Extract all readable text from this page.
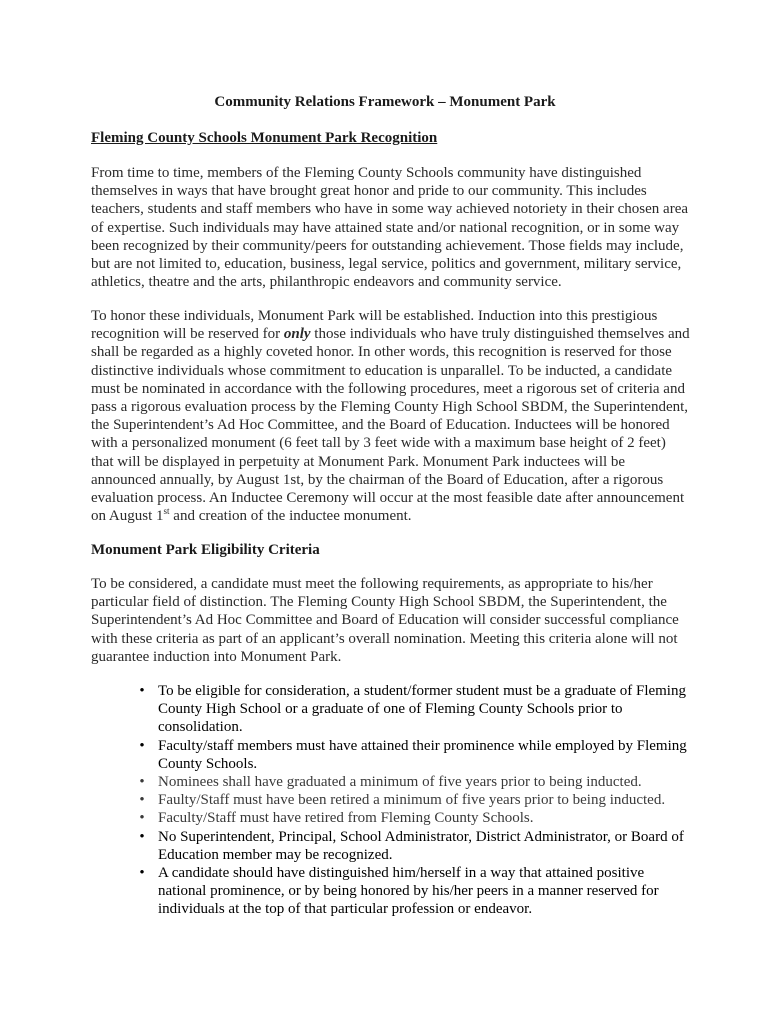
Community Relations Framework – Monument Park
Fleming County Schools Monument Park Recognition

From time to time, members of the Fleming County Schools community have distinguished themselves in ways that have brought great honor and pride to our community. This includes teachers, students and staff members who have in some way achieved notoriety in their chosen area of expertise. Such individuals may have attained state and/or national recognition, or in some way been recognized by their community/peers for outstanding achievement. Those fields may include, but are not limited to, education, business, legal service, politics and government, military service, athletics, theatre and the arts, philanthropic endeavors and community service.

To honor these individuals, Monument Park will be established. Induction into this prestigious recognition will be reserved for only those individuals who have truly distinguished themselves and shall be regarded as a highly coveted honor. In other words, this recognition is reserved for those distinctive individuals whose commitment to education is unparallel. To be inducted, a candidate must be nominated in accordance with the following procedures, meet a rigorous set of criteria and pass a rigorous evaluation process by the Fleming County High School SBDM, the Superintendent, the Superintendent’s Ad Hoc Committee, and the Board of Education. Inductees will be honored with a personalized monument (6 feet tall by 3 feet wide with a maximum base height of 2 feet) that will be displayed in perpetuity at Monument Park. Monument Park inductees will be announced annually, by August 1st, by the chairman of the Board of Education, after a rigorous evaluation process. An Inductee Ceremony will occur at the most feasible date after announcement on August 1st and creation of the inductee monument.

Monument Park Eligibility Criteria

To be considered, a candidate must meet the following requirements, as appropriate to his/her particular field of distinction. The Fleming County High School SBDM, the Superintendent, the Superintendent’s Ad Hoc Committee and Board of Education will consider successful compliance with these criteria as part of an applicant’s overall nomination. Meeting this criteria alone will not guarantee induction into Monument Park.

• To be eligible for consideration, a student/former student must be a graduate of Fleming County High School or a graduate of one of Fleming County Schools prior to consolidation.
• Faculty/staff members must have attained their prominence while employed by Fleming County Schools.
• Nominees shall have graduated a minimum of five years prior to being inducted.
• Faulty/Staff must have been retired a minimum of five years prior to being inducted.
• Faculty/Staff must have retired from Fleming County Schools.
• No Superintendent, Principal, School Administrator, District Administrator, or Board of Education member may be recognized.
• A candidate should have distinguished him/herself in a way that attained positive national prominence, or by being honored by his/her peers in a manner reserved for individuals at the top of that particular profession or endeavor.
